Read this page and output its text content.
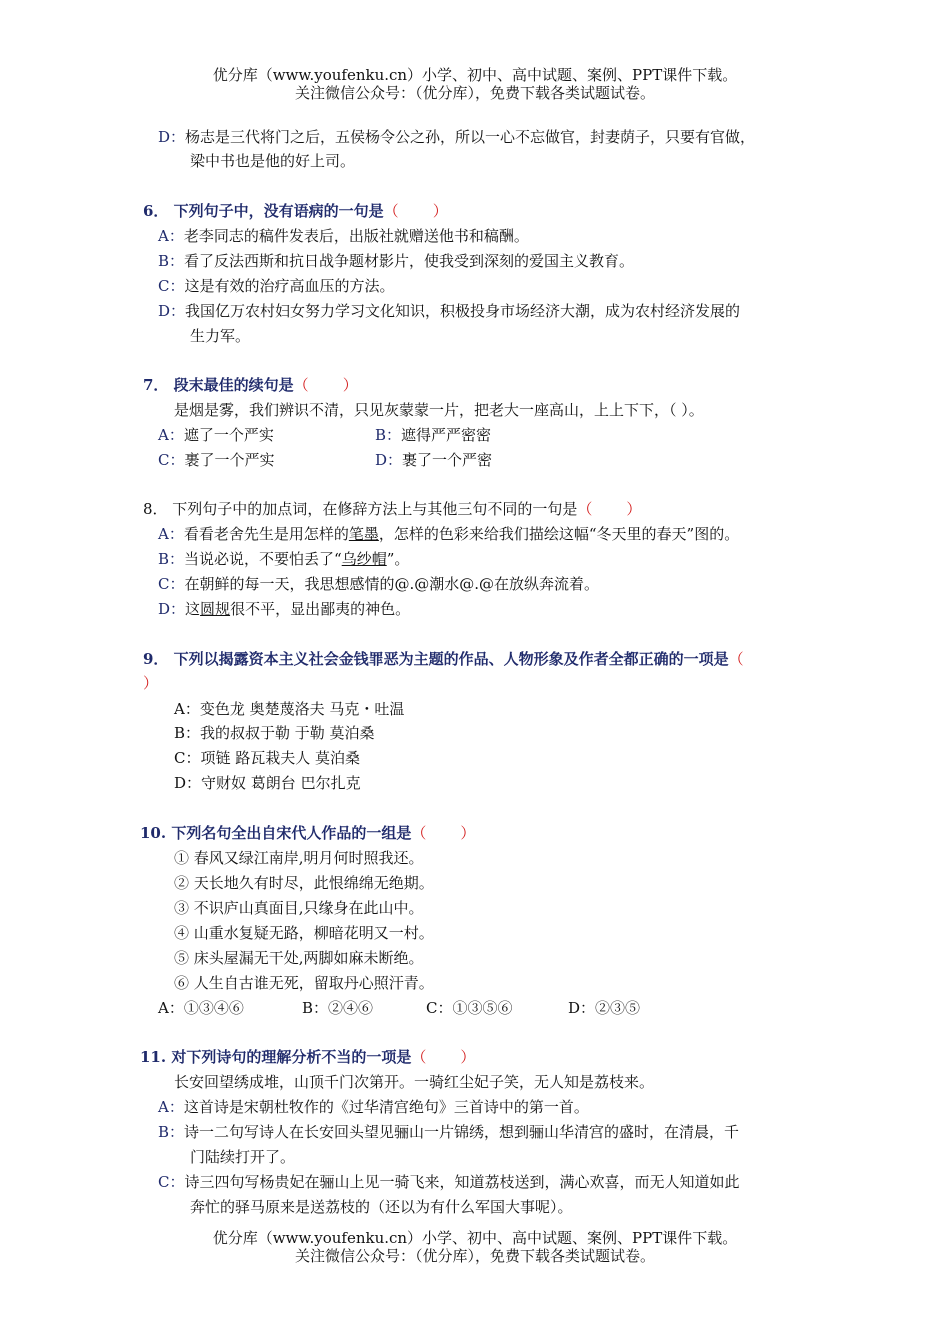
优分库（www.youfenku.cn）小学、初中、高中试题、案例、PPT课件下载。
关注微信公众号：（优分库），免费下载各类试题试卷。
D：杨志是三代将门之后，五侯杨令公之孙，所以一心不忘做官，封妻荫子，只要有官做，
梁中书也是他的好上司。
6． 下列句子中，没有语病的一句是（ ）
A：老李同志的稿件发表后，出版社就赠送他书和稿酬。
B：看了反法西斯和抗日战争题材影片，使我受到深刻的爱国主义教育。
C：这是有效的治疗高血压的方法。
D：我国亿万农村妇女努力学习文化知识，积极投身市场经济大潮，成为农村经济发展的
生力军。
7． 段末最佳的续句是（ ）
是烟是雾，我们辨识不清，只见灰蒙蒙一片，把老大一座高山，上上下下，（ ）。
A：遮了一个严实	B：遮得严严密密
C：裹了一个严实	D：裹了一个严密
8． 下列句子中的加点词，在修辞方法上与其他三句不同的一句是（ ）
A：看看老舍先生是用怎样的笔墨，怎样的色彩来给我们描绘这幅“冬天里的春天”图的。
B：当说必说，不要怕丢了“乌纱帽”。
C：在朝鲜的每一天，我思想感情的@.@潮水@.@在放纵奔流着。
D：这圆规很不平，显出鄙夷的神色。
9． 下列以揭露资本主义社会金钱罪恶为主题的作品、人物形象及作者全都正确的一项是（
）
A：变色龙 奥楚蔑洛夫 马克・吐温
B：我的叔叔于勒 于勒 莫泊桑
C：项链 路瓦栽夫人 莫泊桑
D：守财奴 葛朗台 巴尔扎克
10. 下列名句全出自宋代人作品的一组是（ ）
① 春风又绿江南岸,明月何时照我还。
② 天长地久有时尽，此恨绵绵无绝期。
③ 不识庐山真面目,只缘身在此山中。
④ 山重水复疑无路，柳暗花明又一村。
⑤ 床头屋漏无干处,两脚如麻未断绝。
⑥ 人生自古谁无死，留取丹心照汗青。
A：①③④⑥	B：②④⑥	C：①③⑤⑥	D：②③⑤
11. 对下列诗句的理解分析不当的一项是（ ）
长安回望绣成堆，山顶千门次第开。一骑红尘妃子笑，无人知是荔枝来。
A：这首诗是宋朝杜牧作的《过华清宫绝句》三首诗中的第一首。
B：诗一二句写诗人在长安回头望见骊山一片锦绣，想到骊山华清宫的盛时，在清晨，千
门陆续打开了。
C：诗三四句写杨贵妃在骊山上见一骑飞来，知道荔枝送到，满心欢喜，而无人知道如此
奔忙的驿马原来是送荔枝的（还以为有什么军国大事呢）。
优分库（www.youfenku.cn）小学、初中、高中试题、案例、PPT课件下载。
关注微信公众号：（优分库），免费下载各类试题试卷。
